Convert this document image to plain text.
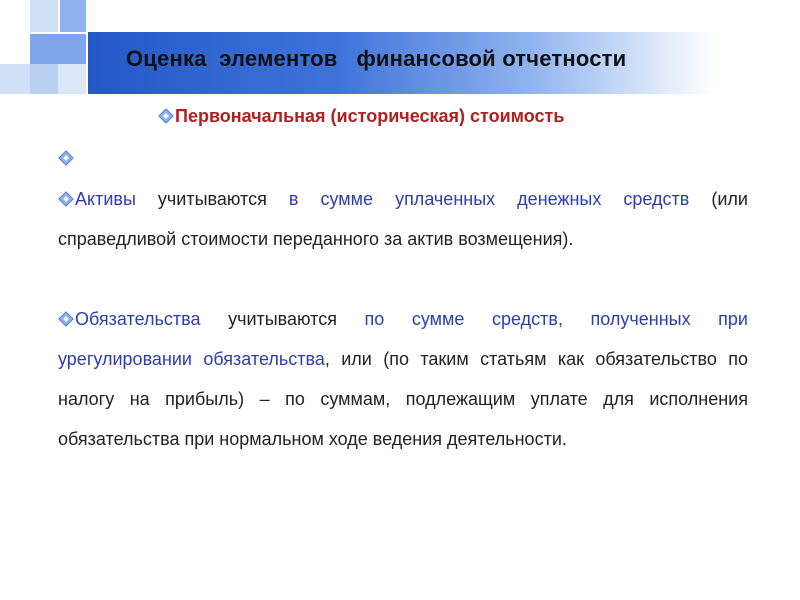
Оценка  элементов   финансовой отчетности
Первоначальная (историческая) стоимость
Активы учитываются в сумме уплаченных денежных средств (или справедливой стоимости переданного за актив возмещения).
Обязательства учитываются по сумме средств, полученных при урегулировании обязательства, или (по таким статьям как обязательство по налогу на прибыль) – по суммам, подлежащим уплате для исполнения обязательства при нормальном ходе ведения деятельности.
